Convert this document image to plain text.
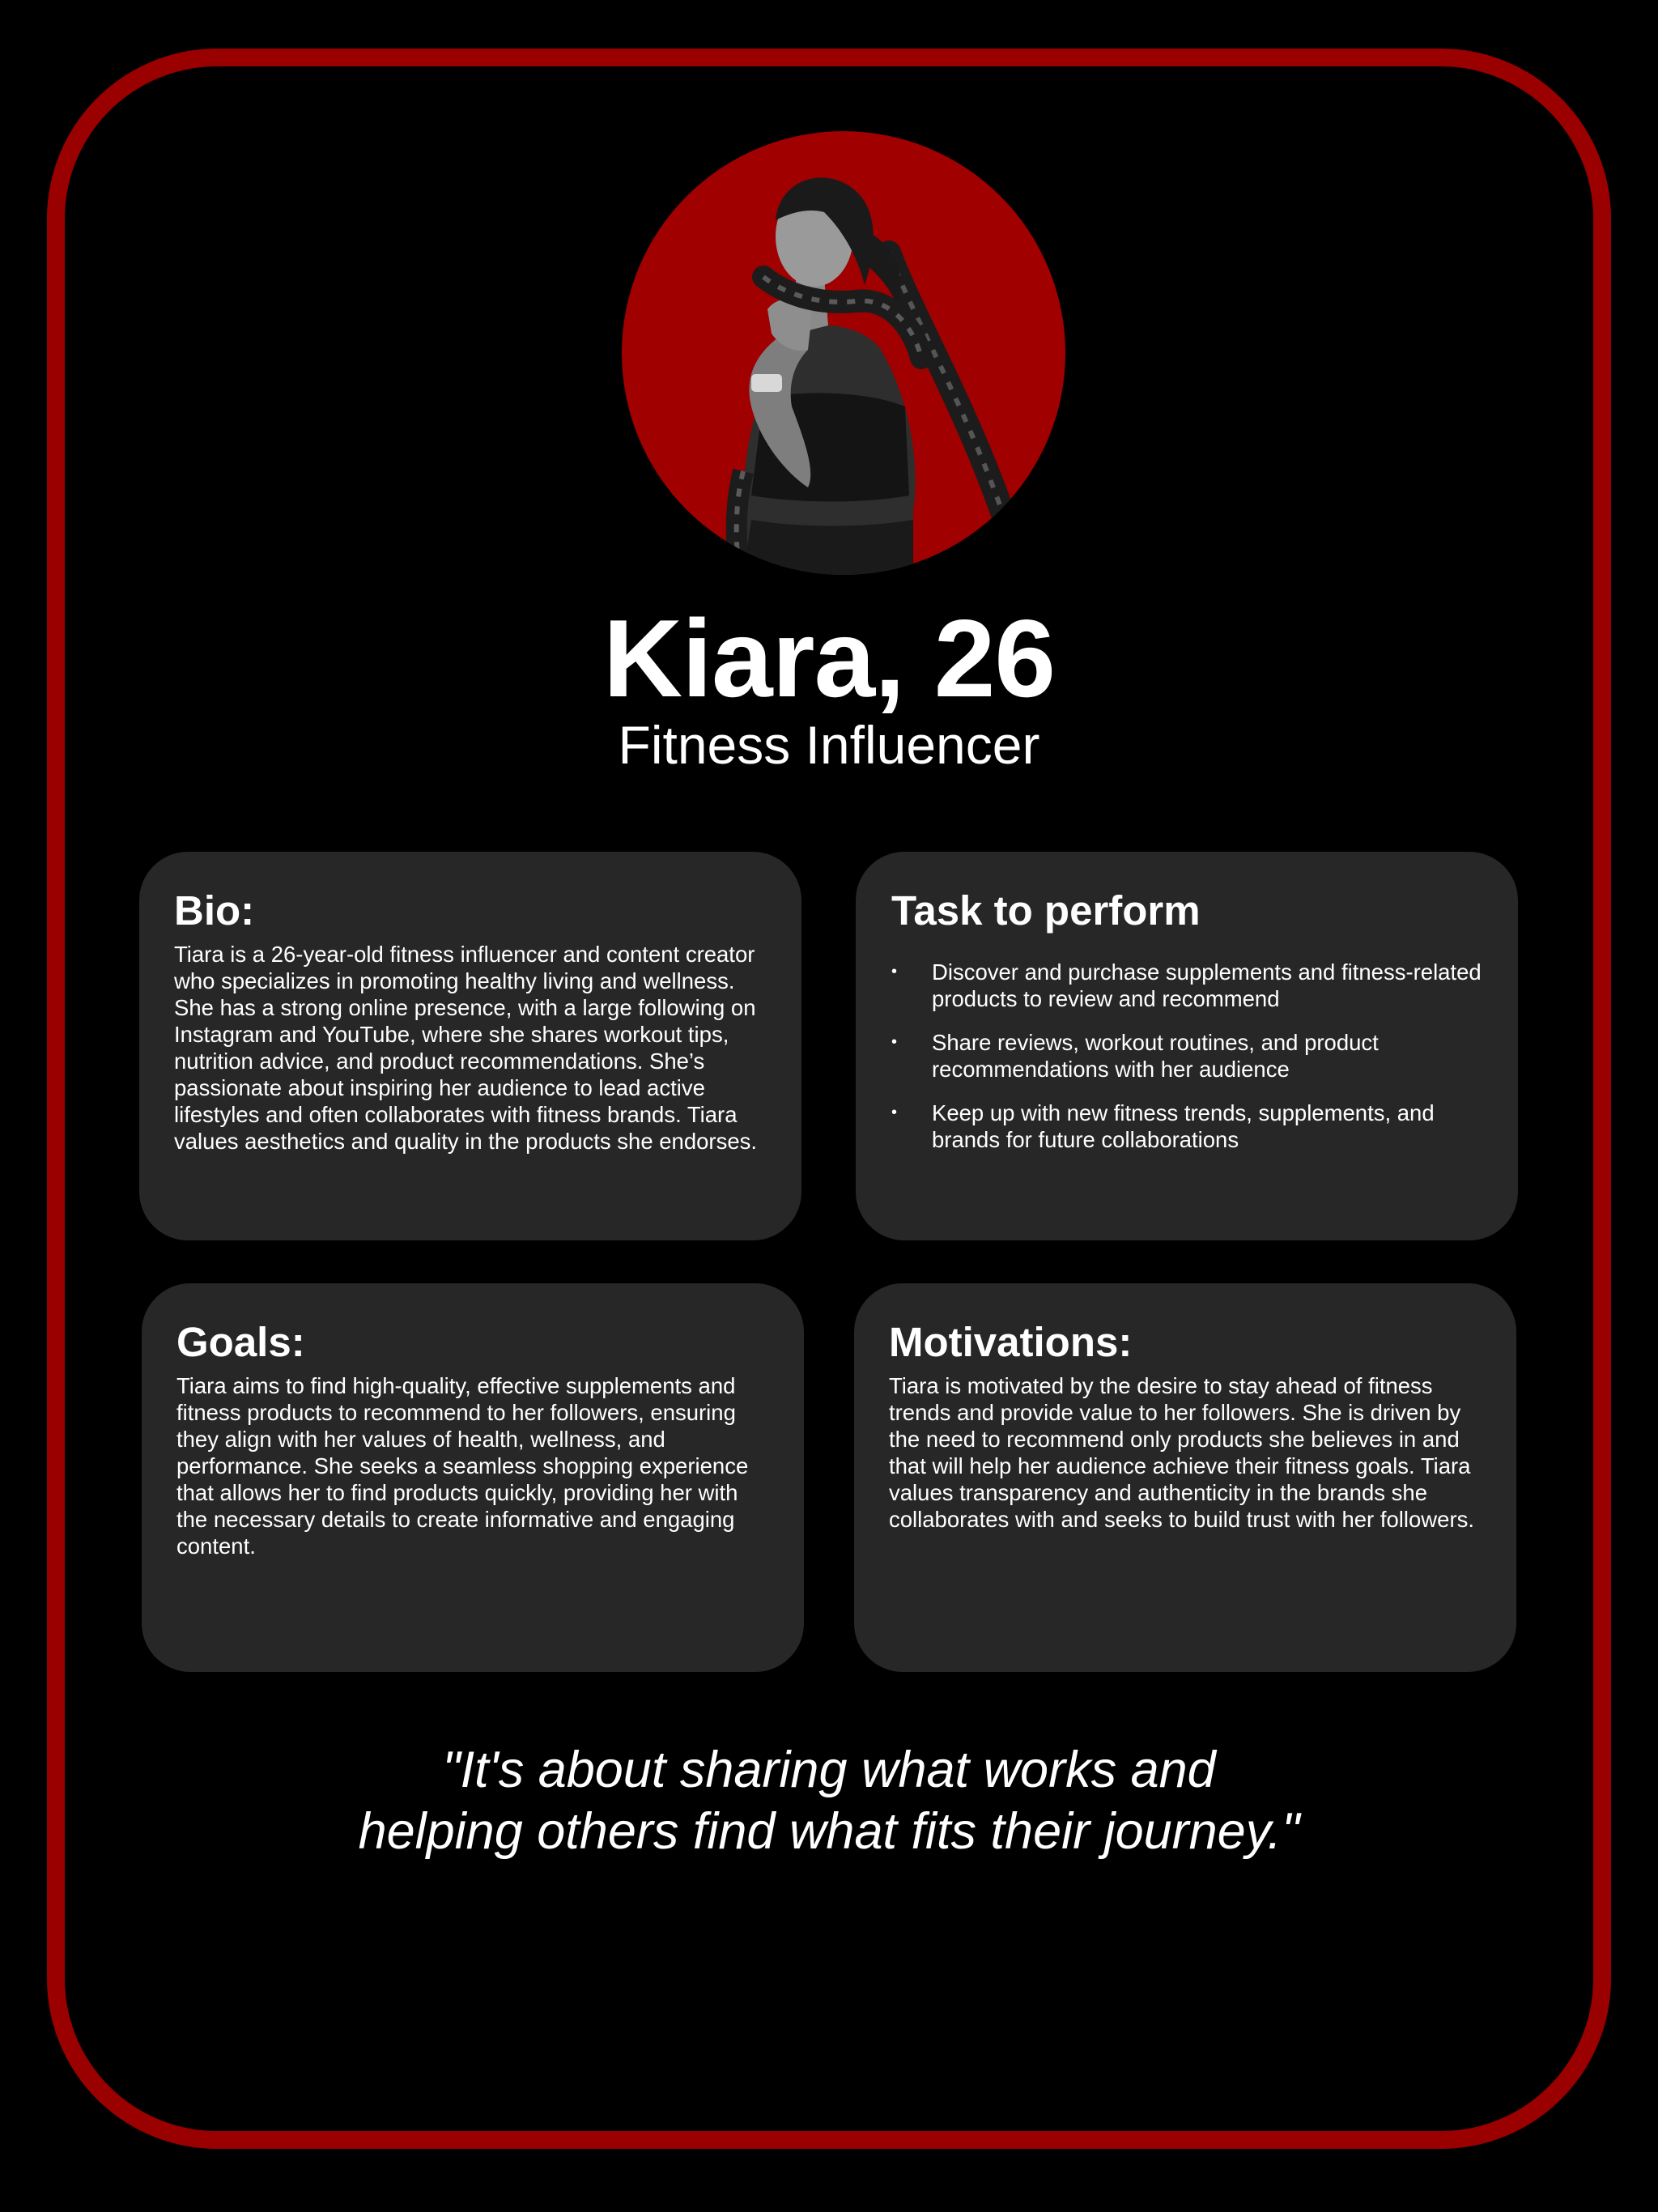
Kiara, 26
Fitness Influencer
Bio:

Tiara is a 26-year-old fitness influencer and content creator who specializes in promoting healthy living and wellness. She has a strong online presence, with a large following on Instagram and YouTube, where she shares workout tips, nutrition advice, and product recommendations. She’s passionate about inspiring her audience to lead active lifestyles and often collaborates with fitness brands. Tiara values aesthetics and quality in the products she endorses.

Task to perform
• Discover and purchase supplements and fitness-related products to review and recommend
• Share reviews, workout routines, and product recommendations with her audience
• Keep up with new fitness trends, supplements, and brands for future collaborations
Goals:

Tiara aims to find high-quality, effective supplements and fitness products to recommend to her followers, ensuring they align with her values of health, wellness, and performance. She seeks a seamless shopping experience that allows her to find products quickly, providing her with the necessary details to create informative and engaging content.

Motivations:

Tiara is motivated by the desire to stay ahead of fitness trends and provide value to her followers. She is driven by the need to recommend only products she believes in and that will help her audience achieve their fitness goals. Tiara values transparency and authenticity in the brands she collaborates with and seeks to build trust with her followers.

"It's about sharing what works and
helping others find what fits their journey."
